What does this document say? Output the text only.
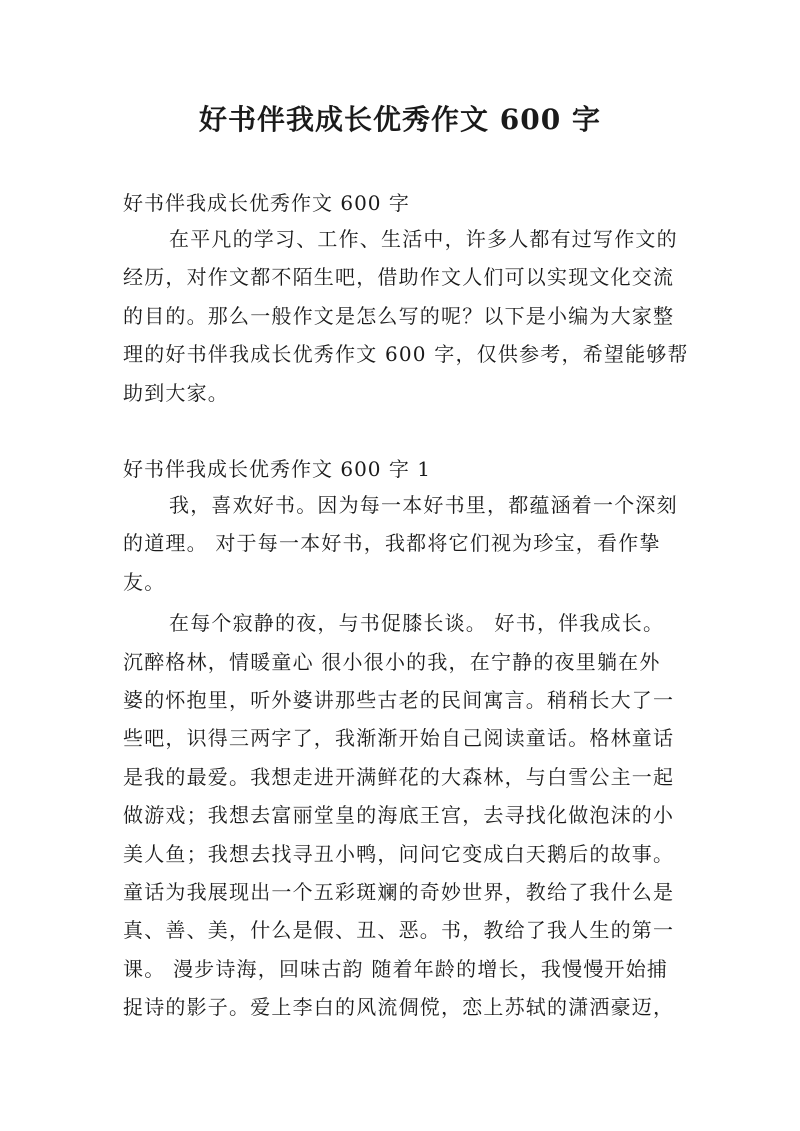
好书伴我成长优秀作文 600 字
好书伴我成长优秀作文 600 字
在平凡的学习、工作、生活中，许多人都有过写作文的
经历，对作文都不陌生吧，借助作文人们可以实现文化交流
的目的。那么一般作文是怎么写的呢？以下是小编为大家整
理的好书伴我成长优秀作文 600 字，仅供参考，希望能够帮
助到大家。
好书伴我成长优秀作文 600 字 1
我，喜欢好书。因为每一本好书里，都蕴涵着一个深刻
的道理。 对于每一本好书，我都将它们视为珍宝，看作挚
友。
在每个寂静的夜，与书促膝长谈。 好书，伴我成长。
沉醉格林，情暖童心 很小很小的我，在宁静的夜里躺在外
婆的怀抱里，听外婆讲那些古老的民间寓言。稍稍长大了一
些吧，识得三两字了，我渐渐开始自己阅读童话。格林童话
是我的最爱。我想走进开满鲜花的大森林，与白雪公主一起
做游戏；我想去富丽堂皇的海底王宫，去寻找化做泡沫的小
美人鱼；我想去找寻丑小鸭，问问它变成白天鹅后的故事。
童话为我展现出一个五彩斑斓的奇妙世界，教给了我什么是
真、善、美，什么是假、丑、恶。书，教给了我人生的第一
课。 漫步诗海，回味古韵 随着年龄的增长，我慢慢开始捕
捉诗的影子。爱上李白的风流倜傥，恋上苏轼的潇洒豪迈，
